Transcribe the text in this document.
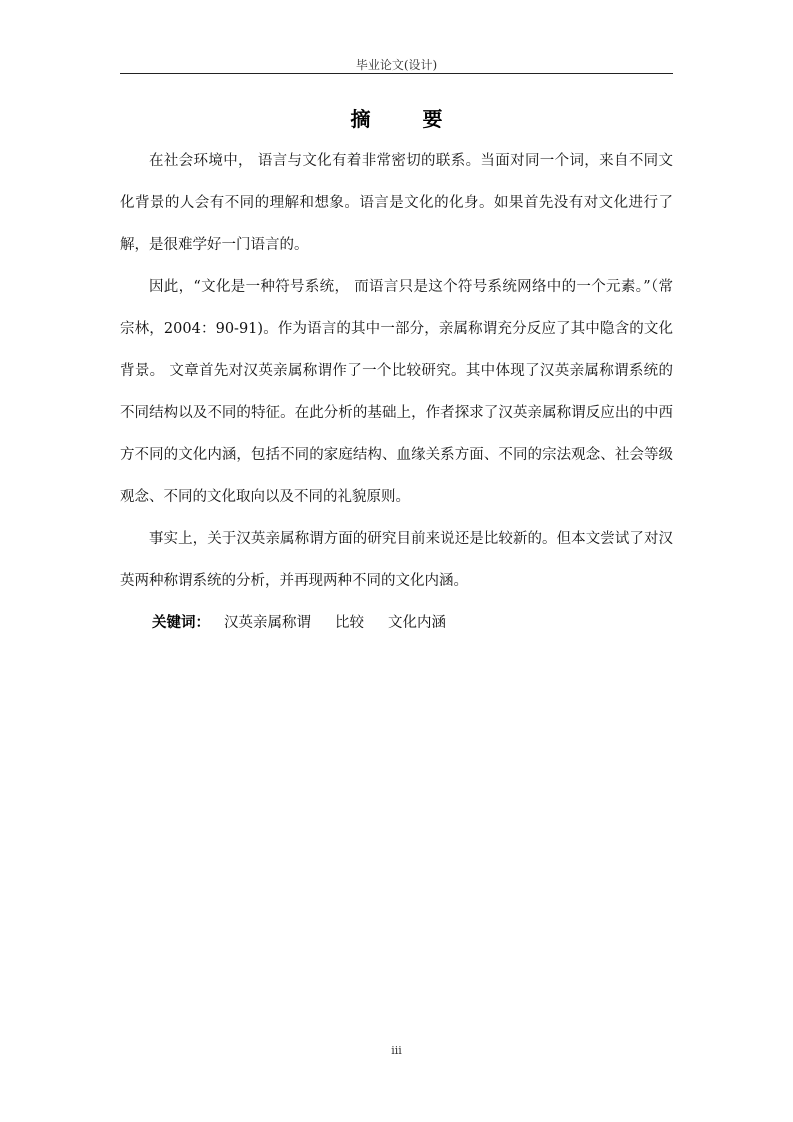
毕业论文(设计)
摘要

在社会环境中， 语言与文化有着非常密切的联系。当面对同一个词，来自不同文化背景的人会有不同的理解和想象。语言是文化的化身。如果首先没有对文化进行了解，是很难学好一门语言的。

因此，“文化是一种符号系统， 而语言只是这个符号系统网络中的一个元素。”（常宗林，2004：90-91)。作为语言的其中一部分，亲属称谓充分反应了其中隐含的文化背景。 文章首先对汉英亲属称谓作了一个比较研究。其中体现了汉英亲属称谓系统的不同结构以及不同的特征。在此分析的基础上，作者探求了汉英亲属称谓反应出的中西方不同的文化内涵，包括不同的家庭结构、血缘关系方面、不同的宗法观念、社会等级观念、不同的文化取向以及不同的礼貌原则。

事实上，关于汉英亲属称谓方面的研究目前来说还是比较新的。但本文尝试了对汉英两种称谓系统的分析，并再现两种不同的文化内涵。

关键词： 汉英亲属称谓 比较 文化内涵

iii
